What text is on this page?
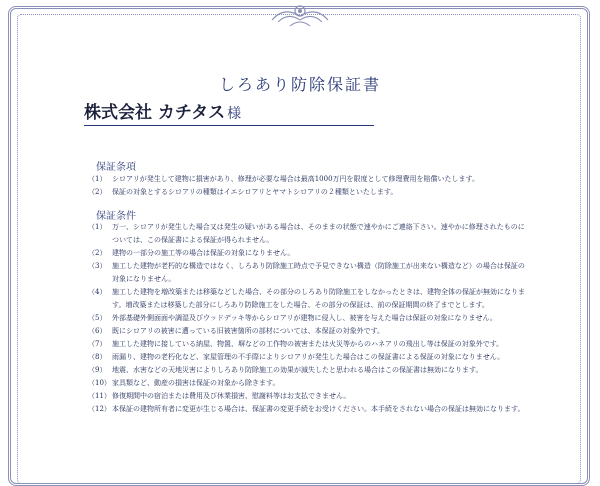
しろあり防除保証書
株式会社 カチタス 様
保証条項
（1） シロアリが発生して建物に損害があり、修理が必要な場合は最高1000万円を限度として修理費用を賠償いたします。
（2） 保証の対象とするシロアリの種類はイエシロアリとヤマトシロアリの２種類といたします。
保証条件
（1） 万一、シロアリが発生した場合又は発生の疑いがある場合は、そのままの状態で速やかにご連絡下さい。速やかに修理されたものについては、この保証書による保証が得られません。
（2） 建物の一部分の施工等の場合は保証の対象になりません。
（3） 施工した建物が老朽的な構造ではなく、しろあり防除施工時点で予見できない構造（防除施工が出来ない構造など）の場合は保証の対象になりません。
（4） 施工した建物を増改築または移築などした場合、その部分のしろあり防除施工をしなかったときは、建物全体の保証が無効になります。増改築または移築した部分にしろあり防除施工をした場合、その部分の保証は、前の保証期間の終了までとします。
（5） 外部基礎外側面面や調湿及びウッドデッキ等からシロアリが建物に侵入し、被害を与えた場合は保証の対象になりません。
（6） 既にシロアリの被害に遭っている旧被害箇所の部材については、本保証の対象外です。
（7） 施工した建物に接している納屋、物置、塀などの工作物の被害または火災等からのハネアリの飛出し等は保証の対象外です。
（8） 雨漏り、建物の老朽化など、家屋管理の不手際によりシロアリが発生した場合はこの保証書による保証の対象になりません。
（9） 地震、水害などの天地災害によりしろあり防除施工の効果が減失したと思われる場合はこの保証書は無効になります。
（10） 家具類など、動産の損害は保証の対象から除きます。
（11） 修復期間中の宿泊または費用及び休業損害、慰謝料等はお支払できません。
（12） 本保証の建物所有者に変更が生じる場合は、保証書の変更手続をお受けください。本手続をされない場合の保証は無効になります。
